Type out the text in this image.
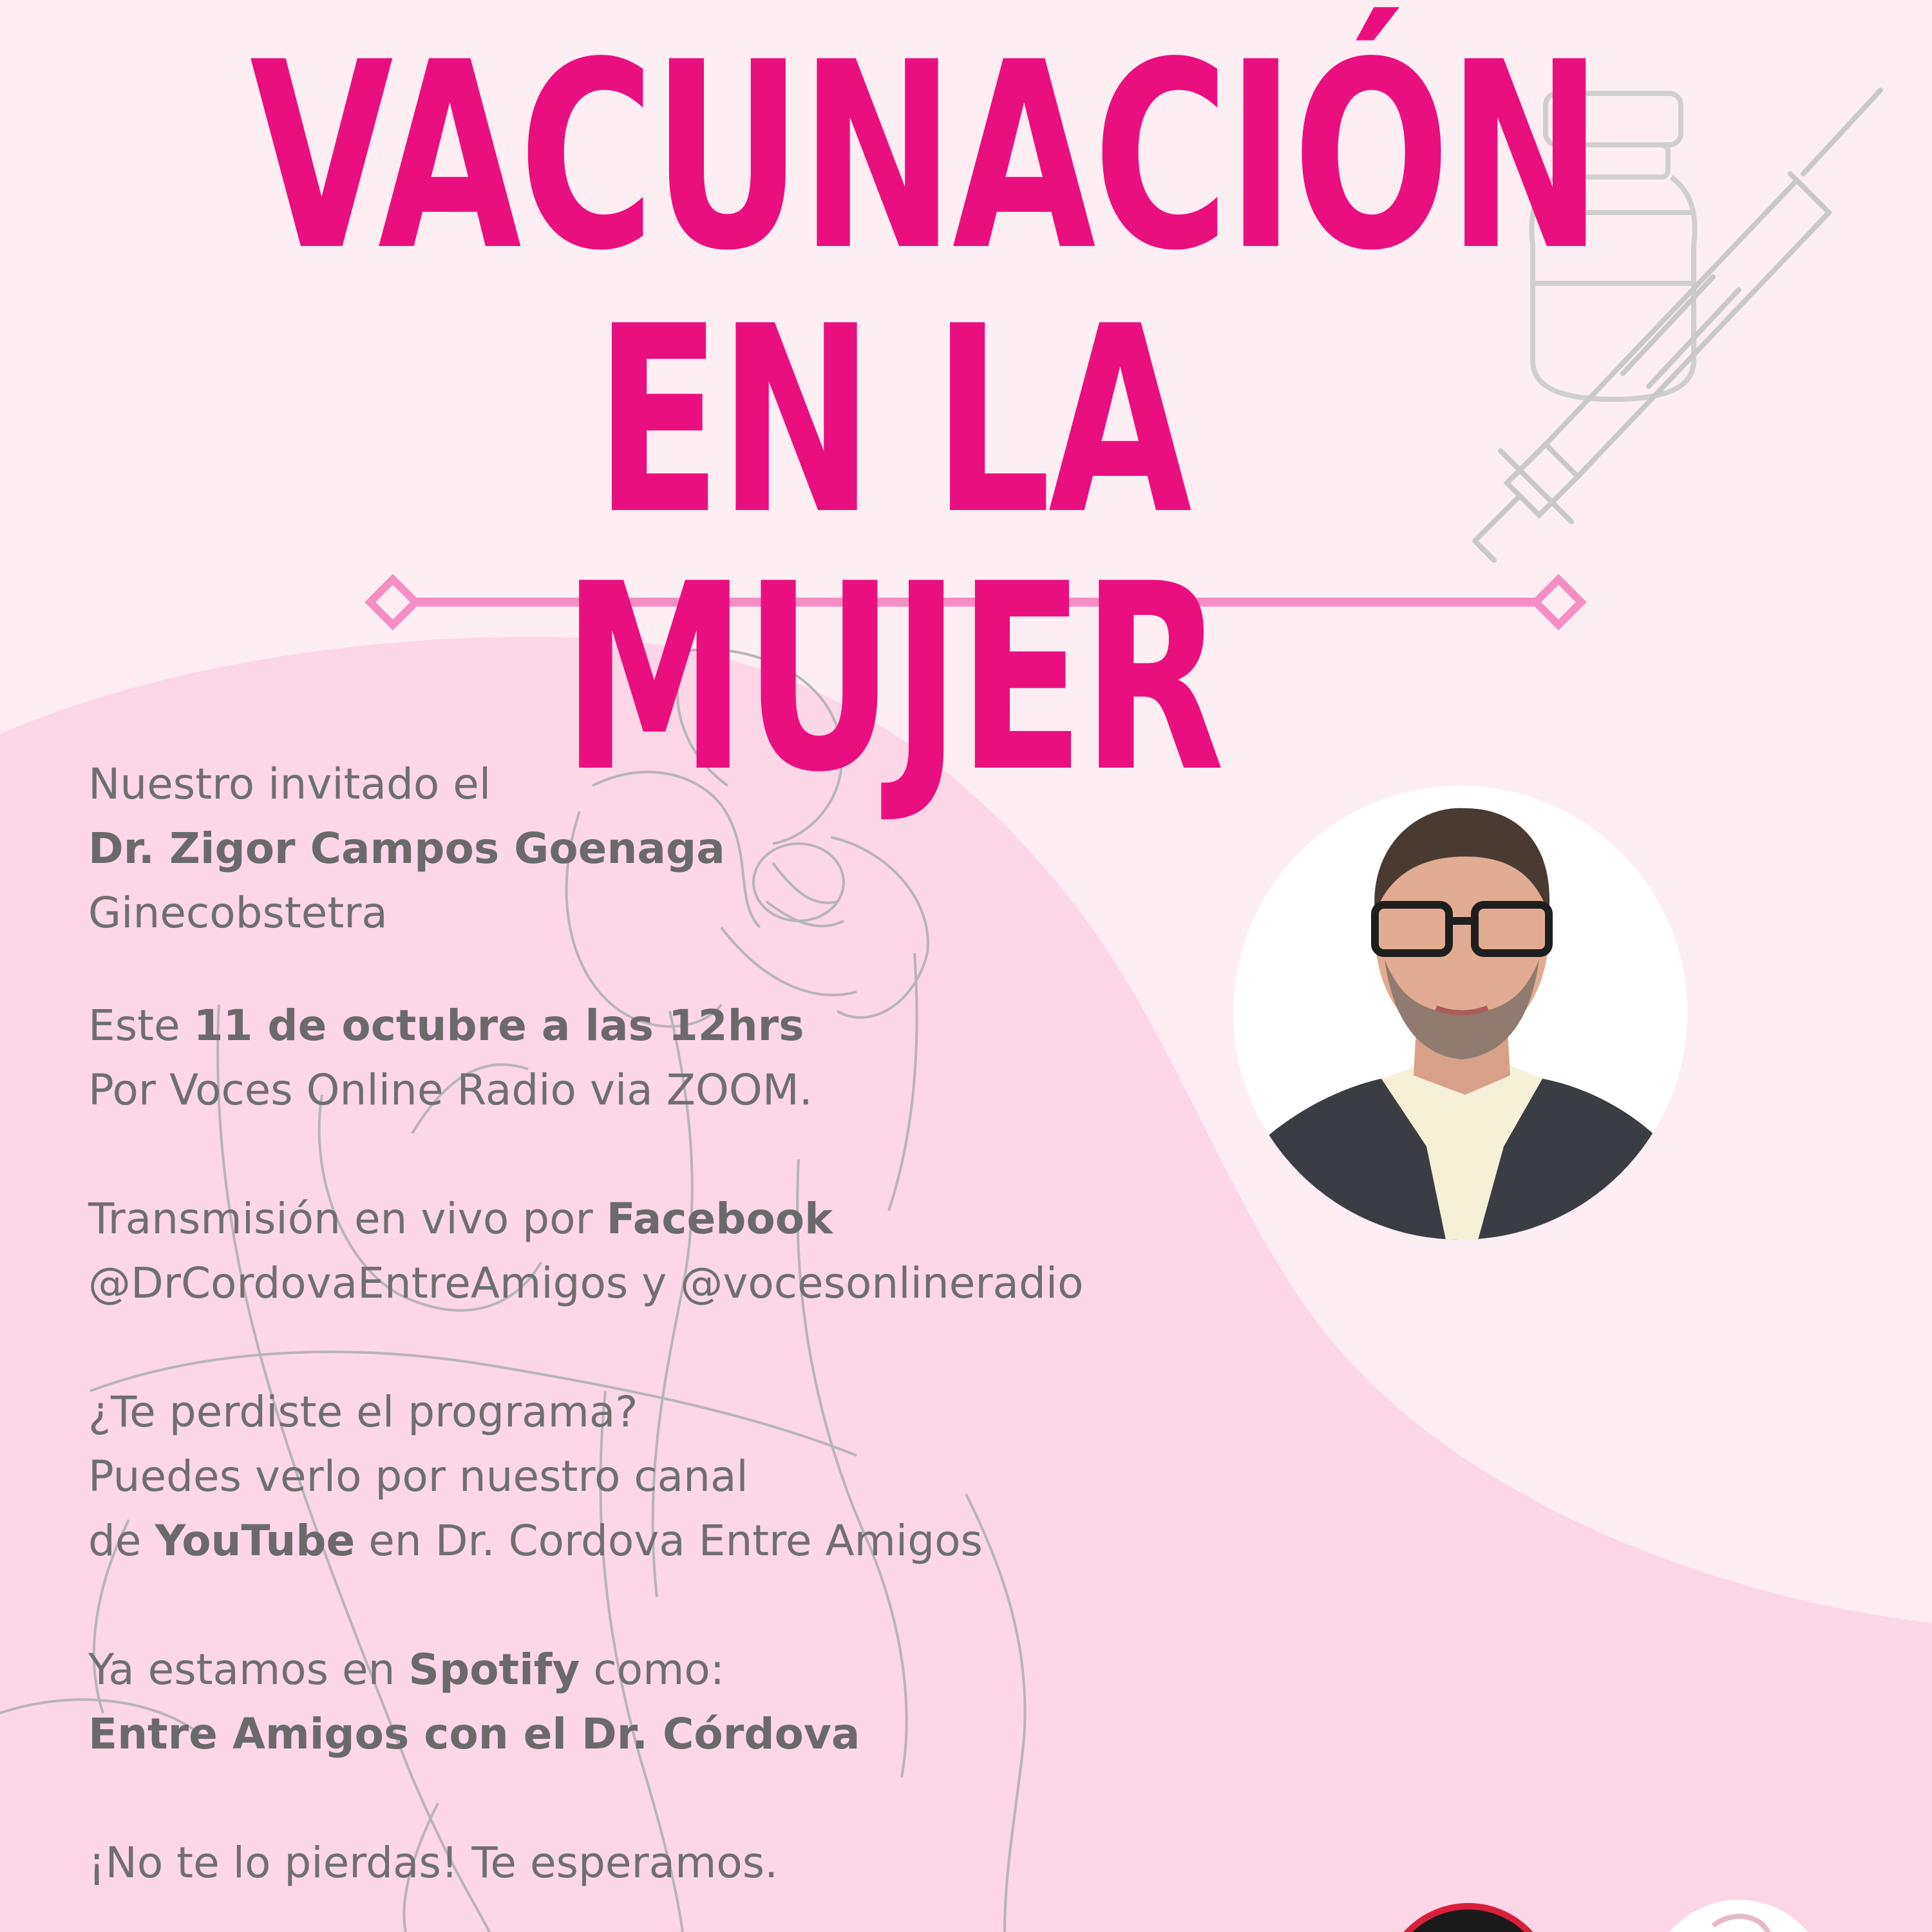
VACUNACIÓN
EN LA MUJER
Nuestro invitado el
Dr. Zigor Campos Goenaga
Ginecobstetra
Este 11 de octubre a las 12hrs
Por Voces Online Radio via ZOOM.
Transmisión en vivo por Facebook
@DrCordovaEntreAmigos y @vocesonlineradio
¿Te perdiste el programa?
Puedes verlo por nuestro canal
de YouTube en Dr. Cordova Entre Amigos
Ya estamos en Spotify como:
Entre Amigos con el Dr. Córdova
¡No te lo pierdas! Te esperamos.
